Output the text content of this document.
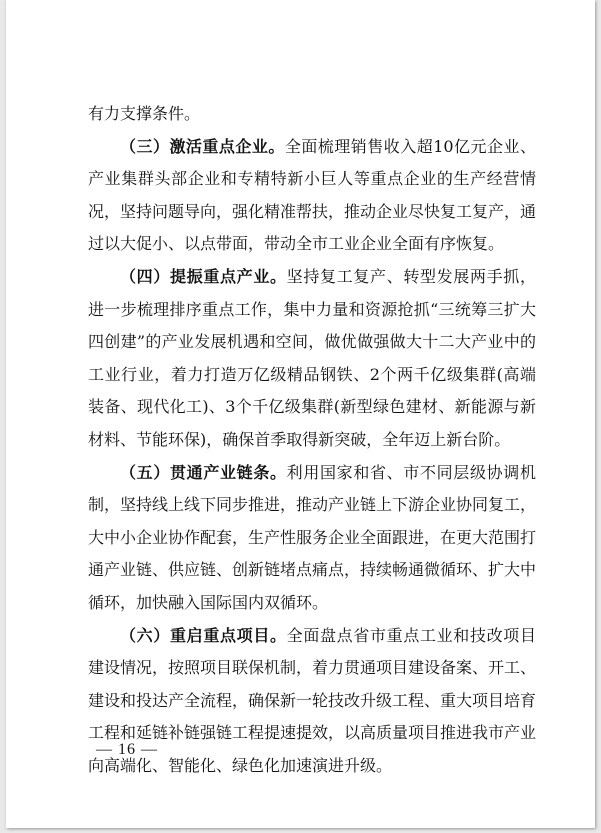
有力支撑条件。

（三）激活重点企业。全面梳理销售收入超10亿元企业、产业集群头部企业和专精特新小巨人等重点企业的生产经营情况，坚持问题导向，强化精准帮扶，推动企业尽快复工复产，通过以大促小、以点带面，带动全市工业企业全面有序恢复。

（四）提振重点产业。坚持复工复产、转型发展两手抓，进一步梳理排序重点工作，集中力量和资源抢抓“三统筹三扩大四创建”的产业发展机遇和空间，做优做强做大十二大产业中的工业行业，着力打造万亿级精品钢铁、2个两千亿级集群(高端装备、现代化工)、3个千亿级集群(新型绿色建材、新能源与新材料、节能环保)，确保首季取得新突破，全年迈上新台阶。

（五）贯通产业链条。利用国家和省、市不同层级协调机制，坚持线上线下同步推进，推动产业链上下游企业协同复工，大中小企业协作配套，生产性服务企业全面跟进，在更大范围打通产业链、供应链、创新链堵点痛点，持续畅通微循环、扩大中循环，加快融入国际国内双循环。

（六）重启重点项目。全面盘点省市重点工业和技改项目建设情况，按照项目联保机制，着力贯通项目建设备案、开工、建设和投达产全流程，确保新一轮技改升级工程、重大项目培育工程和延链补链强链工程提速提效，以高质量项目推进我市产业向高端化、智能化、绿色化加速演进升级。

— 16 —
